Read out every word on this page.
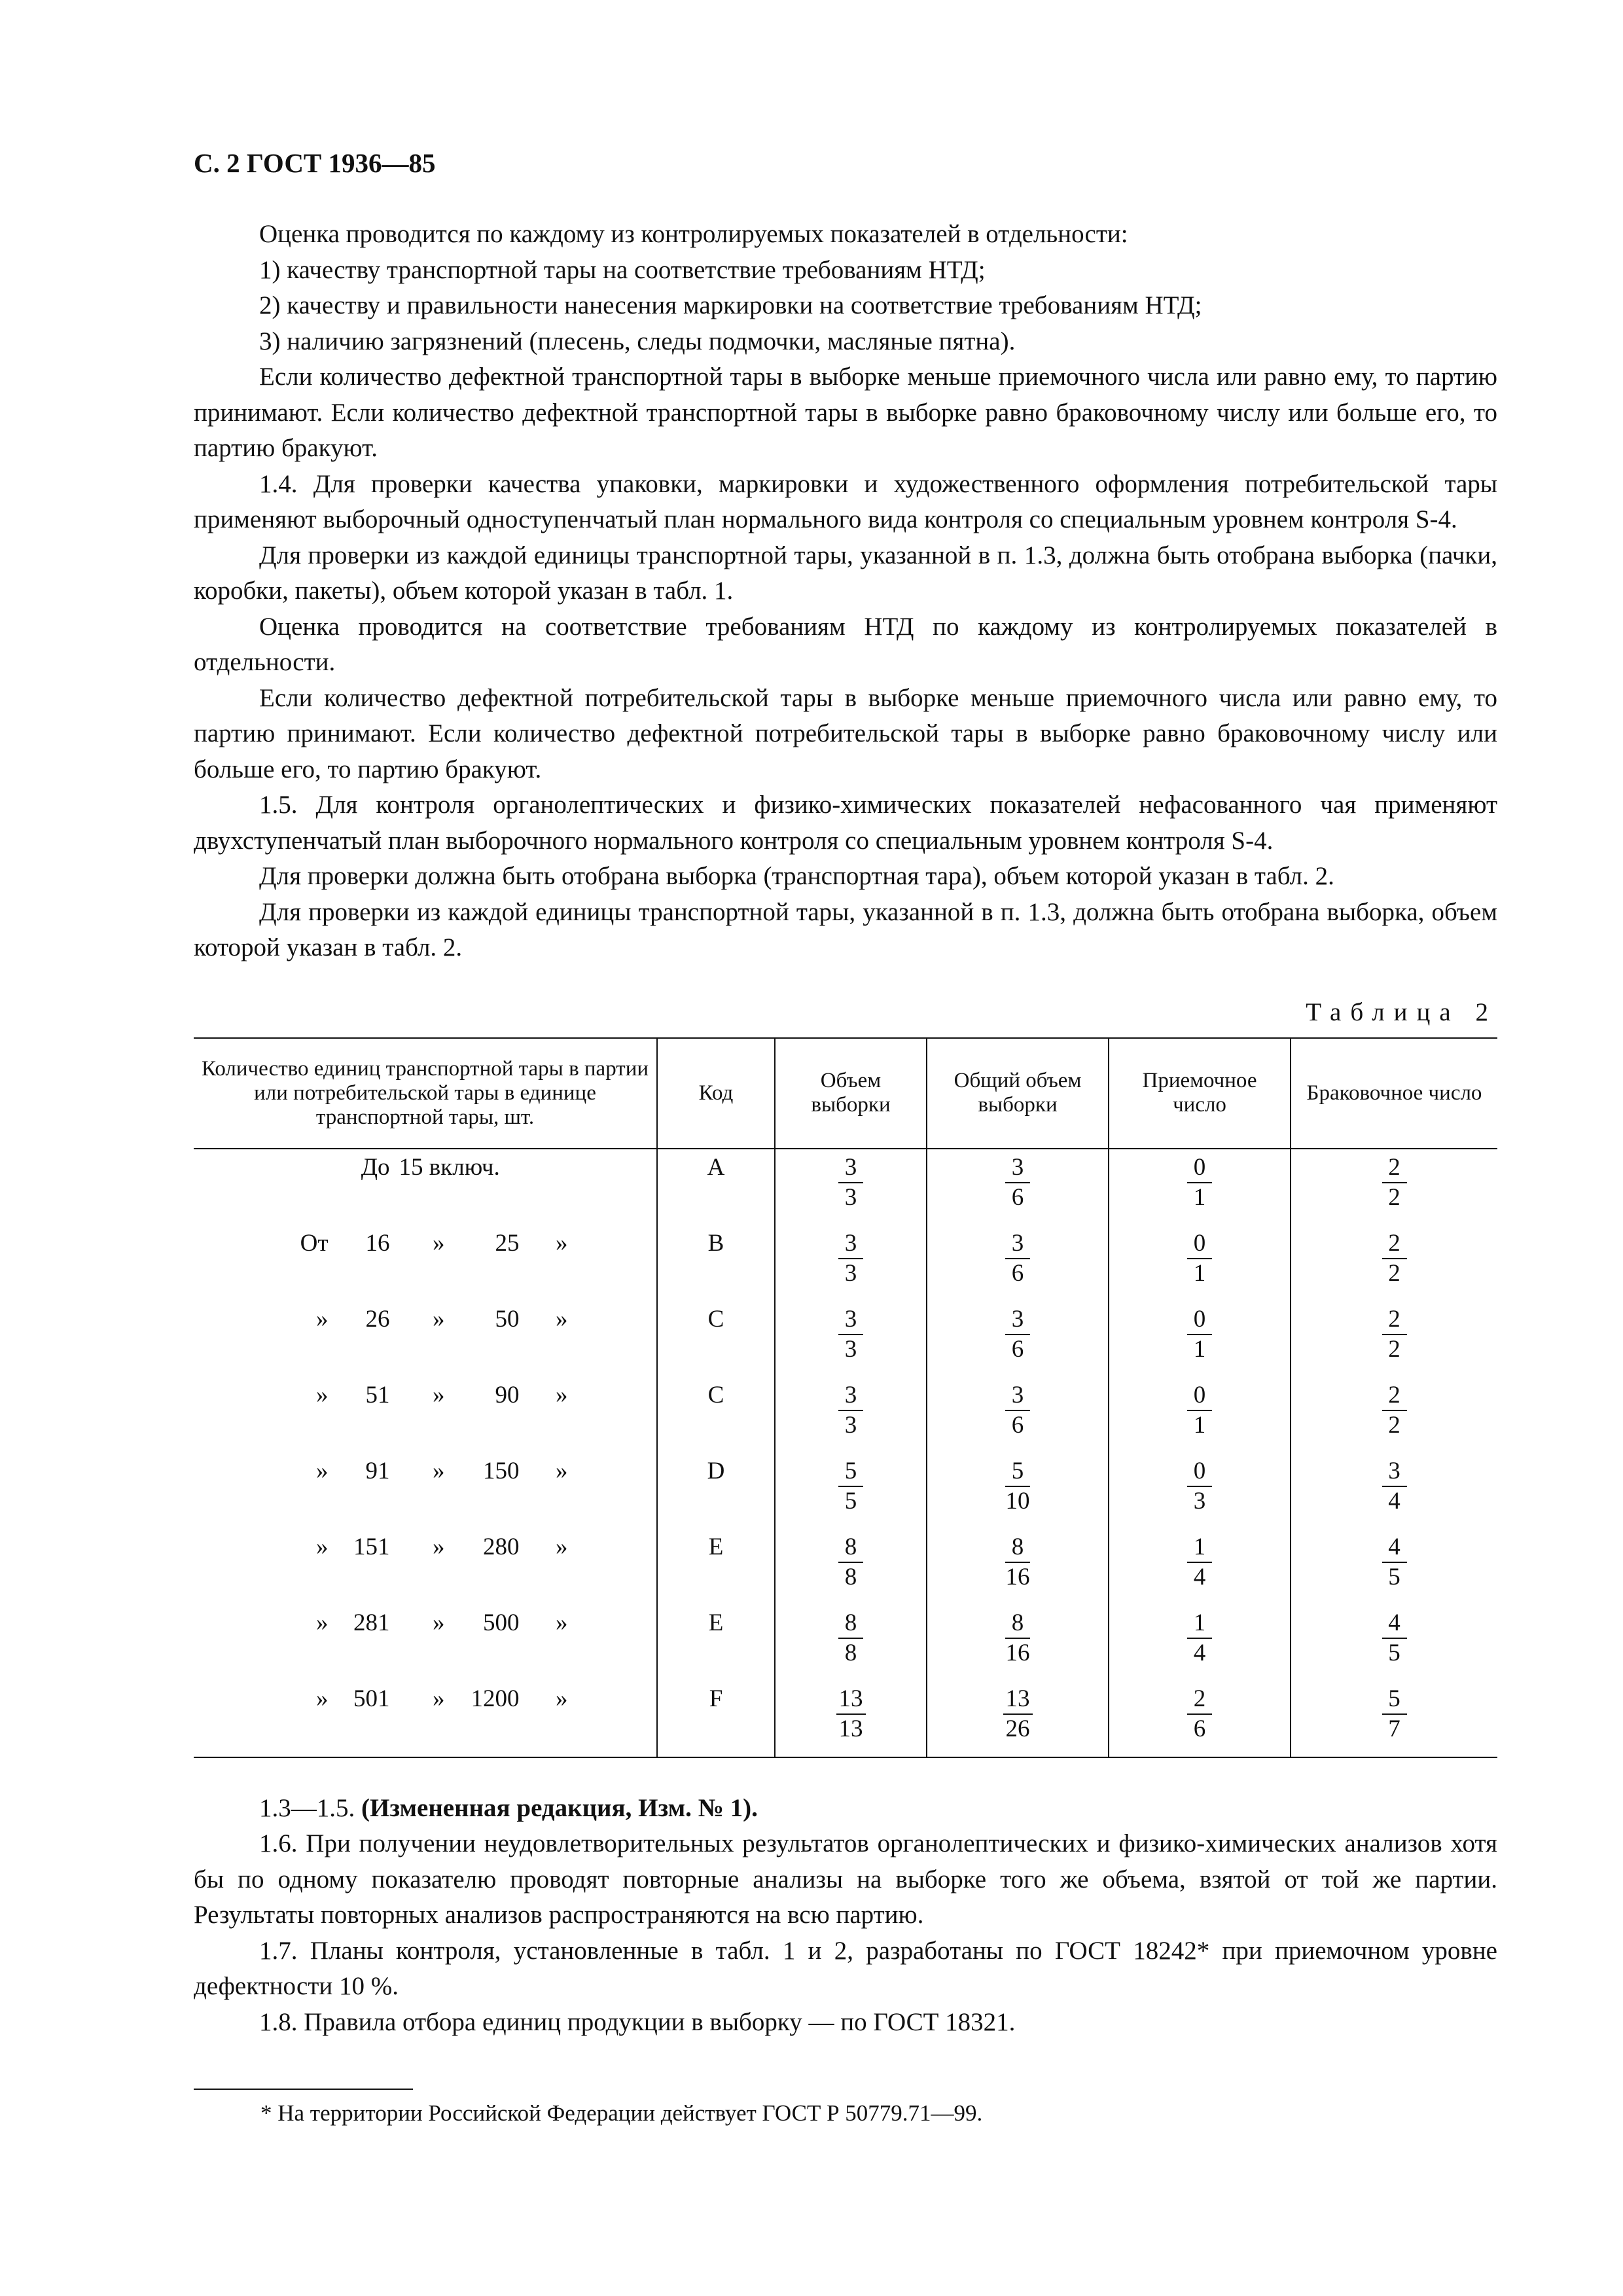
С. 2 ГОСТ 1936—85

Оценка проводится по каждому из контролируемых показателей в отдельности:

1) качеству транспортной тары на соответствие требованиям НТД;

2) качеству и правильности нанесения маркировки на соответствие требованиям НТД;

3) наличию загрязнений (плесень, следы подмочки, масляные пятна).

Если количество дефектной транспортной тары в выборке меньше приемочного числа или равно ему, то партию принимают. Если количество дефектной транспортной тары в выборке равно браковочному числу или больше его, то партию бракуют.

1.4. Для проверки качества упаковки, маркировки и художественного оформления потребительской тары применяют выборочный одноступенчатый план нормального вида контроля со специальным уровнем контроля S-4.

Для проверки из каждой единицы транспортной тары, указанной в п. 1.3, должна быть отобрана выборка (пачки, коробки, пакеты), объем которой указан в табл. 1.

Оценка проводится на соответствие требованиям НТД по каждому из контролируемых показателей в отдельности.

Если количество дефектной потребительской тары в выборке меньше приемочного числа или равно ему, то партию принимают. Если количество дефектной потребительской тары в выборке равно браковочному числу или больше его, то партию бракуют.

1.5. Для контроля органолептических и физико-химических показателей нефасованного чая применяют двухступенчатый план выборочного нормального контроля со специальным уровнем контроля S-4.

Для проверки должна быть отобрана выборка (транспортная тара), объем которой указан в табл. 2.

Для проверки из каждой единицы транспортной тары, указанной в п. 1.3, должна быть отобрана выборка, объем которой указан в табл. 2.

Таблица 2
Количество единиц транспортной тары в партии или потребительской тары в единице транспортной тары, шт.	Код	Объем выборки	Общий объем выборки	Приемочное число	Браковочное число

До 15 включ.	A	$\frac{3}{3}$	$\frac{3}{6}$	$\frac{0}{1}$	$\frac{2}{2}$

От 16 » 25 »	B	$\frac{3}{3}$	$\frac{3}{6}$	$\frac{0}{1}$	$\frac{2}{2}$

» 26 » 50 »	C	$\frac{3}{3}$	$\frac{3}{6}$	$\frac{0}{1}$	$\frac{2}{2}$

» 51 » 90 »	C	$\frac{3}{3}$	$\frac{3}{6}$	$\frac{0}{1}$	$\frac{2}{2}$

» 91 » 150 »	D	$\frac{5}{5}$	$\frac{5}{10}$	$\frac{0}{3}$	$\frac{3}{4}$

» 151 » 280 »	E	$\frac{8}{8}$	$\frac{8}{16}$	$\frac{1}{4}$	$\frac{4}{5}$

» 281 » 500 »	E	$\frac{8}{8}$	$\frac{8}{16}$	$\frac{1}{4}$	$\frac{4}{5}$

» 501 » 1200 »	F	$\frac{13}{13}$	$\frac{13}{26}$	$\frac{2}{6}$	$\frac{5}{7}$

1.3—1.5. (Измененная редакция, Изм. № 1).

1.6. При получении неудовлетворительных результатов органолептических и физико-химических анализов хотя бы по одному показателю проводят повторные анализы на выборке того же объема, взятой от той же партии. Результаты повторных анализов распространяются на всю партию.

1.7. Планы контроля, установленные в табл. 1 и 2, разработаны по ГОСТ 18242* при приемочном уровне дефектности 10 %.

1.8. Правила отбора единиц продукции в выборку — по ГОСТ 18321.

* На территории Российской Федерации действует ГОСТ Р 50779.71—99.
